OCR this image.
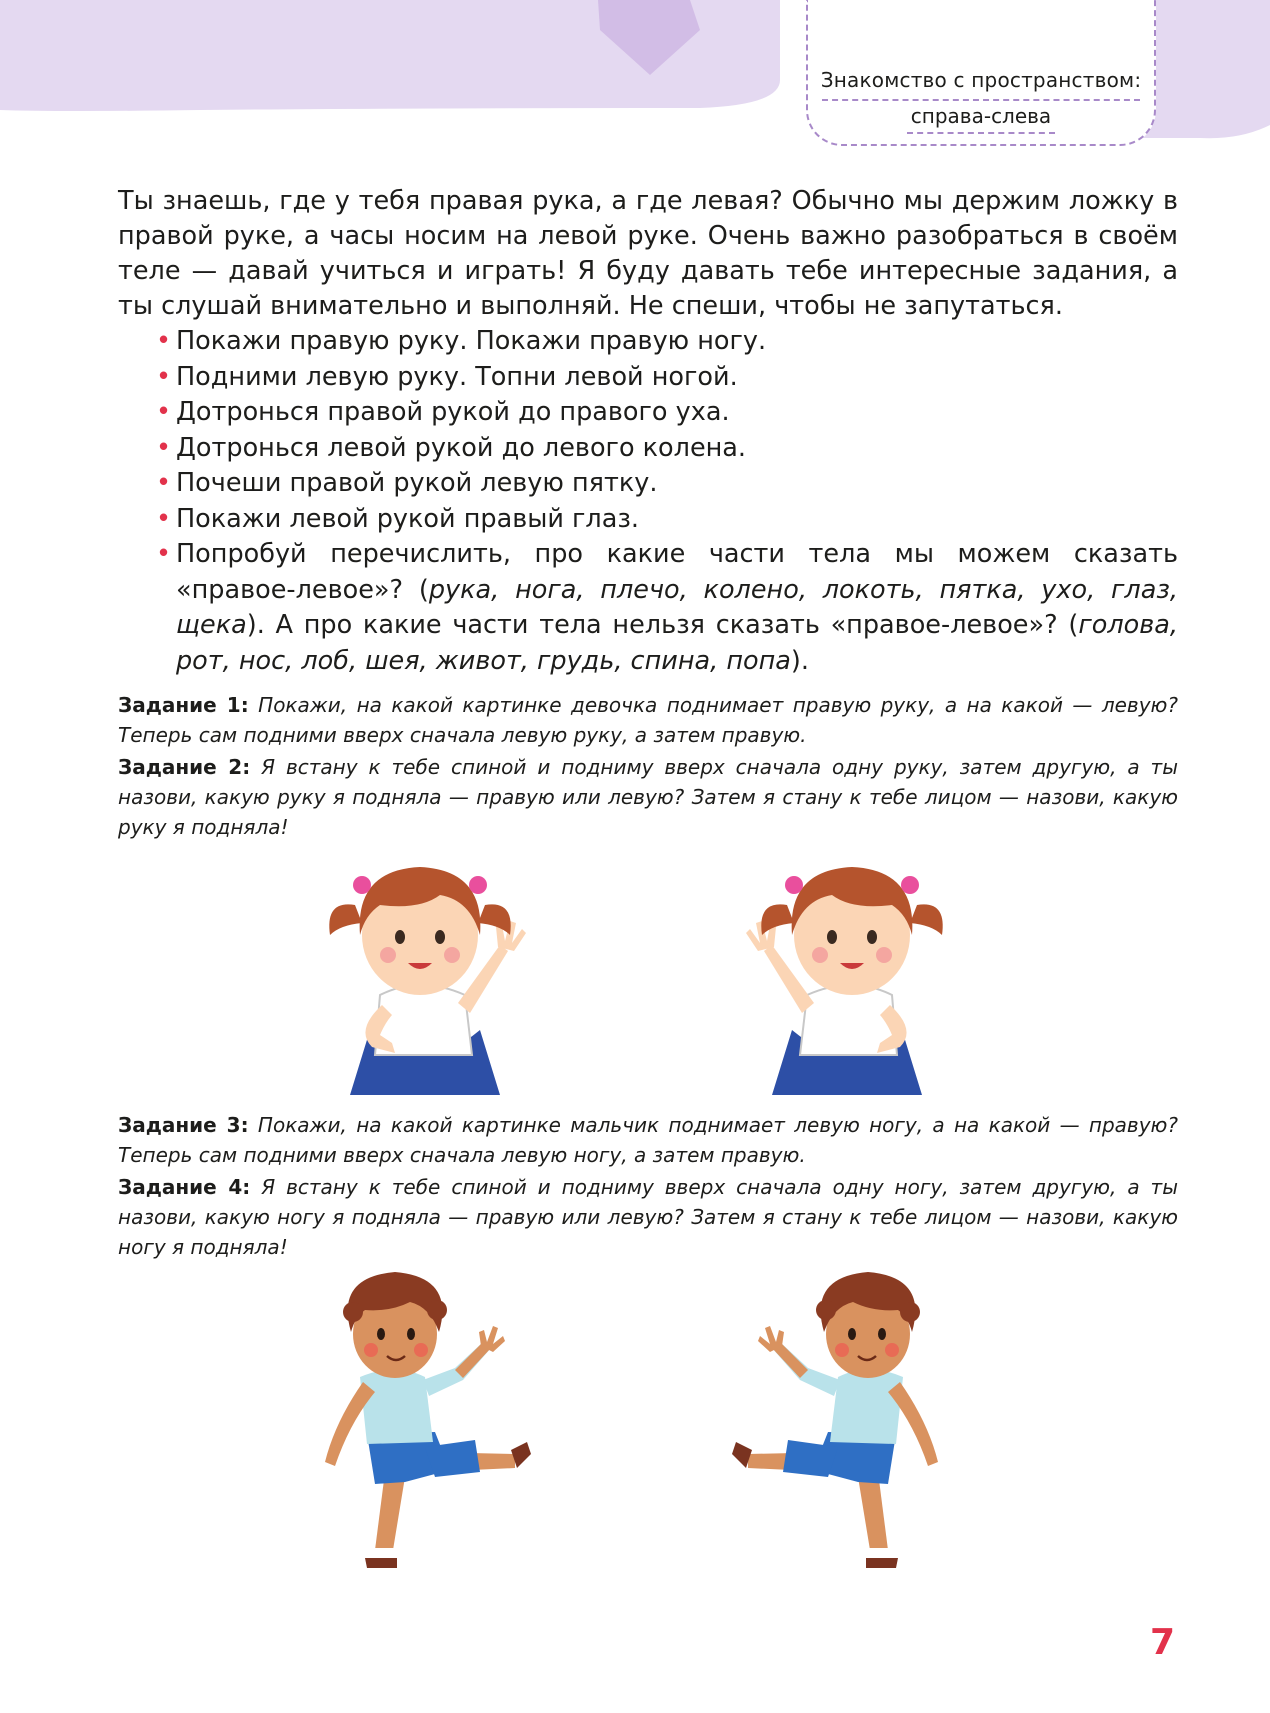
Знакомство с пространством:
справа-слева

Ты знаешь, где у тебя правая рука, а где левая? Обычно мы держим ложку в правой руке, а часы носим на левой руке. Очень важно разобраться в своём теле — давай учиться и играть! Я буду давать тебе интересные задания, а ты слушай внимательно и выполняй. Не спеши, чтобы не запутаться.

• Покажи правую руку. Покажи правую ногу.
• Подними левую руку. Топни левой ногой.
• Дотронься правой рукой до правого уха.
• Дотронься левой рукой до левого колена.
• Почеши правой рукой левую пятку.
• Покажи левой рукой правый глаз.
• Попробуй перечислить, про какие части тела мы можем сказать «правое-левое»? (рука, нога, плечо, колено, локоть, пятка, ухо, глаз, щека). А про какие части тела нельзя сказать «правое-левое»? (голова, рот, нос, лоб, шея, живот, грудь, спина, попа).

Задание 1: Покажи, на какой картинке девочка поднимает правую руку, а на какой — левую? Теперь сам подними вверх сначала левую руку, а затем правую.

Задание 2: Я встану к тебе спиной и подниму вверх сначала одну руку, затем другую, а ты назови, какую руку я подняла — правую или левую? Затем я стану к тебе лицом — назови, какую руку я подняла!

Задание 3: Покажи, на какой картинке мальчик поднимает левую ногу, а на какой — правую? Теперь сам подними вверх сначала левую ногу, а затем правую.

Задание 4: Я встану к тебе спиной и подниму вверх сначала одну ногу, затем другую, а ты назови, какую ногу я подняла — правую или левую? Затем я стану к тебе лицом — назови, какую ногу я подняла!

7
